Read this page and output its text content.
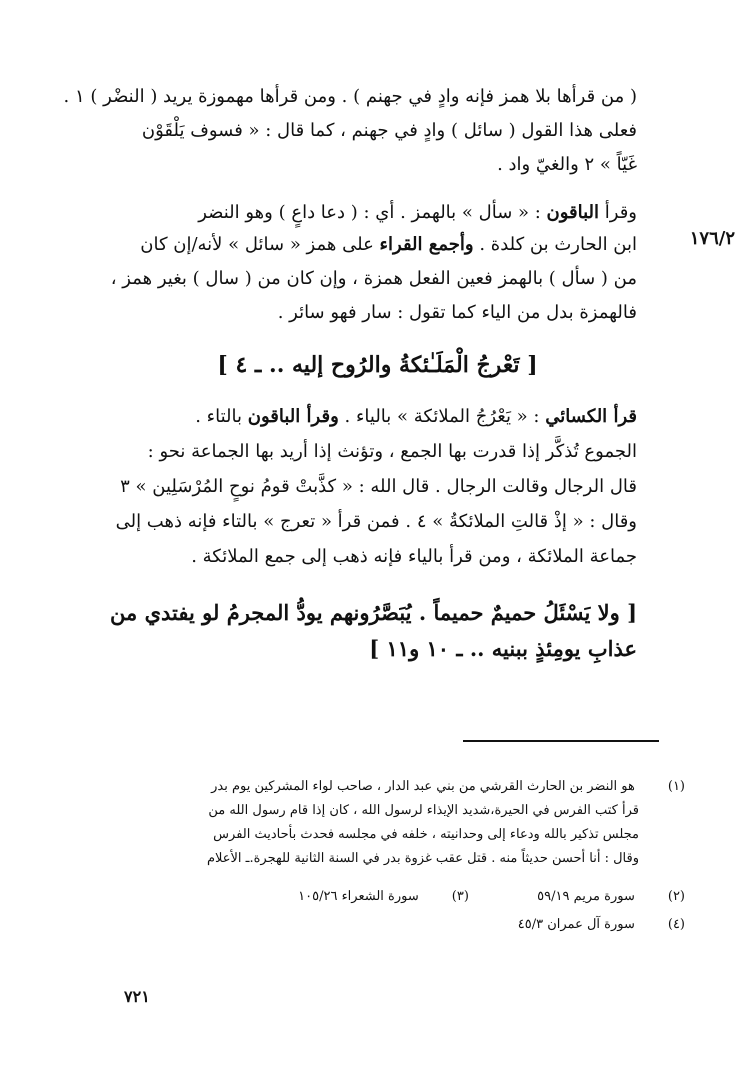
( من قرأها بلا همز فإنه وادٍ في جهنم ) . ومن قرأها مهموزة يريد ( النضْر ) ١ .
فعلى هذا القول ( سائل ) وادٍ في جهنم ، كما قال : « فسوف يَلْقَوْن
غَيّاً » ٢ والغيّ واد .
وقرأ الباقون : « سأل » بالهمز . أي : ( دعا داعٍ ) وهو النضر
١٧٦/٢
ابن الحارث بن كلدة . وأجمع القراء على همز « سائل » لأنه/إن كان
من ( سأل ) بالهمز فعين الفعل همزة ، وإن كان من ( سال ) بغير همز ،
فالهمزة بدل من الياء كما تقول : سار فهو سائر .
[ تَعْرجُ الْمَلَـٰئكةُ والرُوح إليه .. ـ ٤ ]
قرأ الكسائي : « يَعْرُجُ الملائكة » بالياء . وقرأ الباقون بالتاء .
الجموع تُذكَّر إذا قدرت بها الجمع ، وتؤنث إذا أريد بها الجماعة نحو :
قال الرجال وقالت الرجال . قال الله : « كذَّبتْ قومُ نوحٍ المُرْسَلِين » ٣
وقال : « إذْ قالتِ الملائكةُ » ٤ . فمن قرأ « تعرج » بالتاء فإنه ذهب إلى
جماعة الملائكة ، ومن قرأ بالياء فإنه ذهب إلى جمع الملائكة .
[ ولا يَسْئَلُ حميمٌ حميماً . يُبَصَّرُونهم يودُّ المجرمُ لو يفتدي من
عذابِ يومِئذٍ ببنيه .. ـ ١٠ و١١ ]
(١) هو النضر بن الحارث القرشي من بني عبد الدار ، صاحب لواء المشركين يوم بدر
قرأ كتب الفرس في الحيرة،شديد الإيذاء لرسول الله ، كان إذا قام رسول الله من
مجلس تذكير بالله ودعاء إلى وحدانيته ، خلفه في مجلسه فحدث بأحاديث الفرس
وقال : أنا أحسن حديثاً منه . قتل عقب غزوة بدر في السنة الثانية للهجرة.ـ الأعلام
(٢) سورة مريم ٥٩/١٩  (٣) سورة الشعراء ١٠٥/٢٦
(٤) سورة آل عمران ٤٥/٣
٧٢١
